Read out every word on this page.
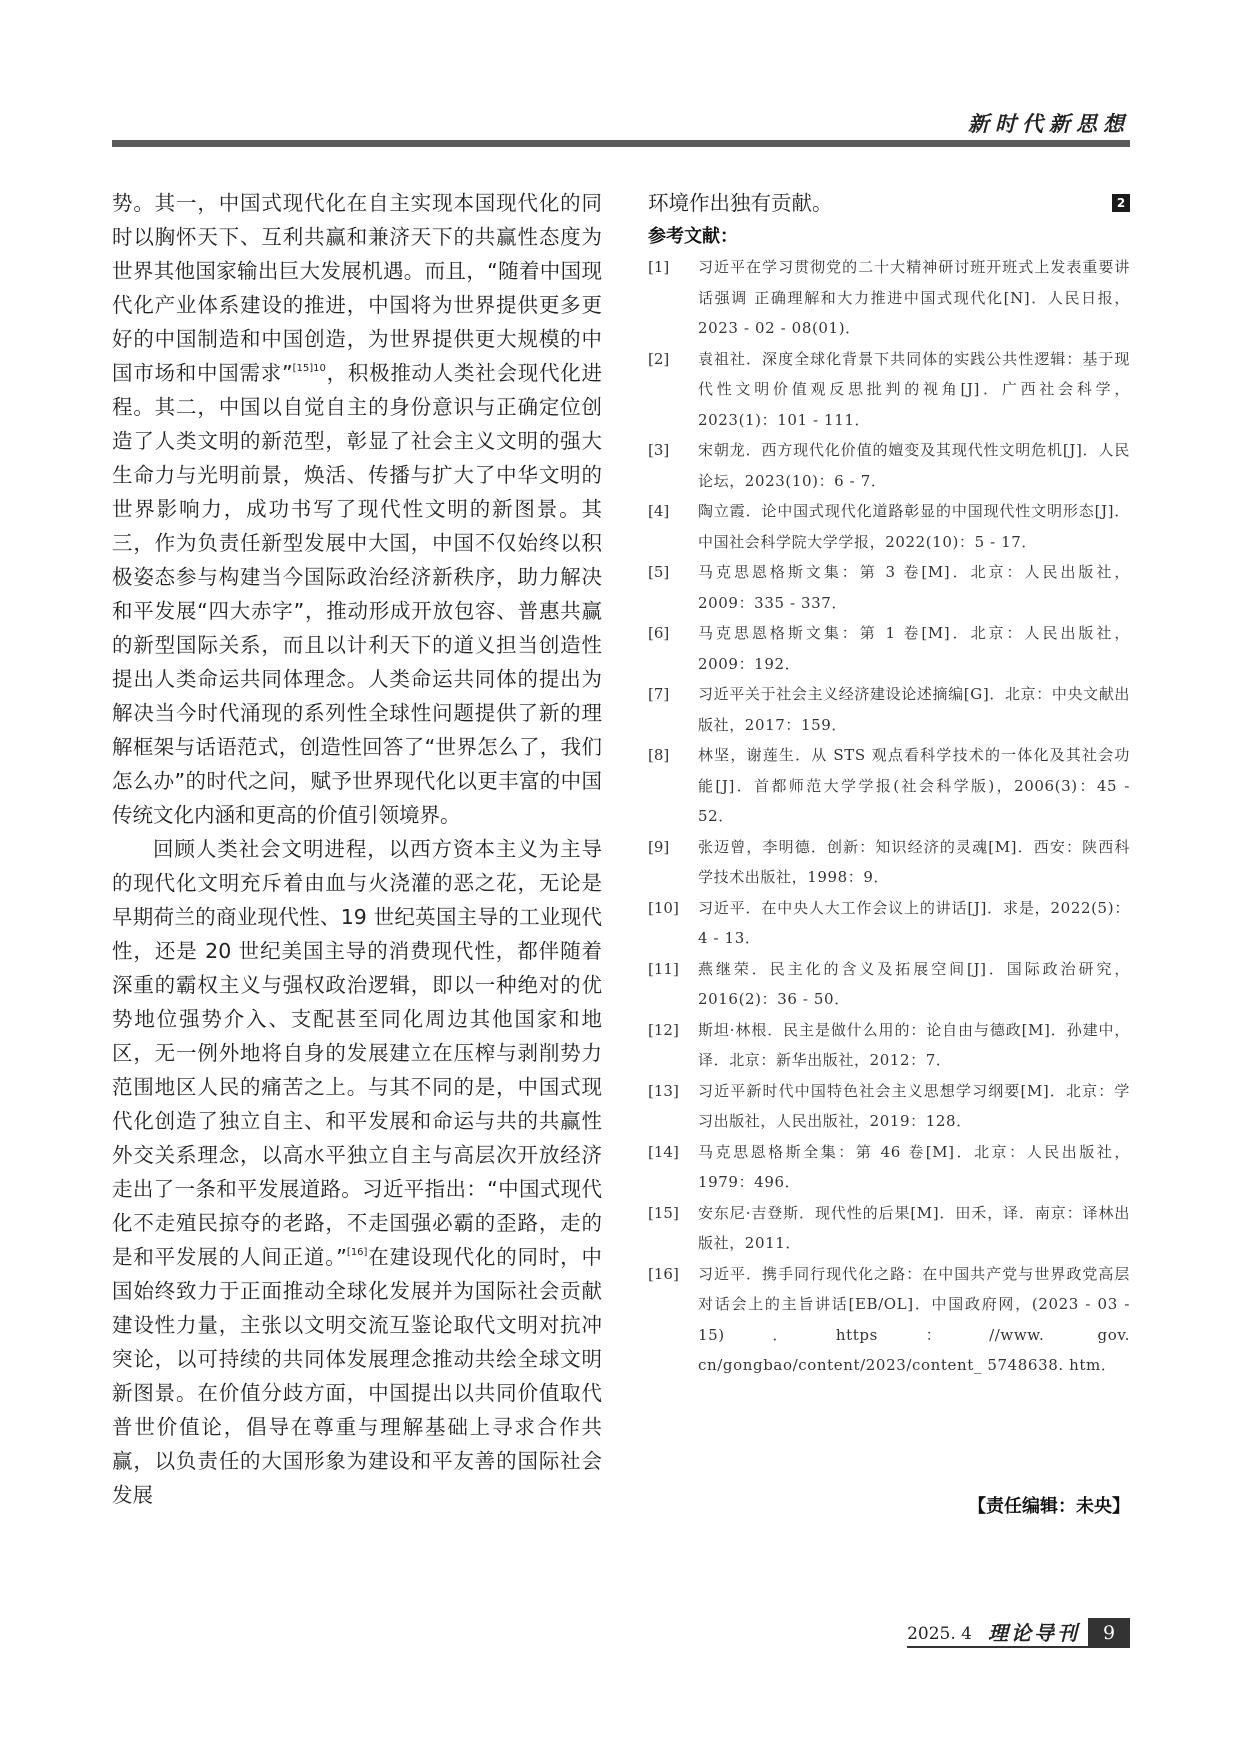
新时代新思想

势。其一，中国式现代化在自主实现本国现代化的同时以胸怀天下、互利共赢和兼济天下的共赢性态度为世界其他国家输出巨大发展机遇。而且，“随着中国现代化产业体系建设的推进，中国将为世界提供更多更好的中国制造和中国创造，为世界提供更大规模的中国市场和中国需求”$^{[15]10}$，积极推动人类社会现代化进程。其二，中国以自觉自主的身份意识与正确定位创造了人类文明的新范型，彰显了社会主义文明的强大生命力与光明前景，焕活、传播与扩大了中华文明的世界影响力，成功书写了现代性文明的新图景。其三，作为负责任新型发展中大国，中国不仅始终以积极姿态参与构建当今国际政治经济新秩序，助力解决和平发展“四大赤字”，推动形成开放包容、普惠共赢的新型国际关系，而且以计利天下的道义担当创造性提出人类命运共同体理念。人类命运共同体的提出为解决当今时代涌现的系列性全球性问题提供了新的理解框架与话语范式，创造性回答了“世界怎么了，我们怎么办”的时代之问，赋予世界现代化以更丰富的中国传统文化内涵和更高的价值引领境界。

回顾人类社会文明进程，以西方资本主义为主导的现代化文明充斥着由血与火浇灌的恶之花，无论是早期荷兰的商业现代性、19 世纪英国主导的工业现代性，还是 20 世纪美国主导的消费现代性，都伴随着深重的霸权主义与强权政治逻辑，即以一种绝对的优势地位强势介入、支配甚至同化周边其他国家和地区，无一例外地将自身的发展建立在压榨与剥削势力范围地区人民的痛苦之上。与其不同的是，中国式现代化创造了独立自主、和平发展和命运与共的共赢性外交关系理念，以高水平独立自主与高层次开放经济走出了一条和平发展道路。习近平指出：“中国式现代化不走殖民掠夺的老路，不走国强必霸的歪路，走的是和平发展的人间正道。”[16]在建设现代化的同时，中国始终致力于正面推动全球化发展并为国际社会贡献建设性力量，主张以文明交流互鉴论取代文明对抗冲突论，以可持续的共同体发展理念推动共绘全球文明新图景。在价值分歧方面，中国提出以共同价值取代普世价值论，倡导在尊重与理解基础上寻求合作共赢，以负责任的大国形象为建设和平友善的国际社会发展

环境作出独有贡献。	2
参考文献：
[1]	习近平在学习贯彻党的二十大精神研讨班开班式上发表重要讲话强调 正确理解和大力推进中国式现代化[N]．人民日报，2023 - 02 - 08(01)．
[2]	袁祖社．深度全球化背景下共同体的实践公共性逻辑：基于现代性文明价值观反思批判的视角[J]．广西社会科学，2023(1)：101 - 111．
[3]	宋朝龙．西方现代化价值的嬗变及其现代性文明危机[J]．人民论坛，2023(10)：6 - 7．
[4]	陶立霞．论中国式现代化道路彰显的中国现代性文明形态[J]．中国社会科学院大学学报，2022(10)：5 - 17．
[5]	马克思恩格斯文集：第 3 卷[M]．北京：人民出版社，2009：335 - 337．
[6]	马克思恩格斯文集：第 1 卷[M]．北京：人民出版社，2009：192．
[7]	习近平关于社会主义经济建设论述摘编[G]．北京：中央文献出版社，2017：159．
[8]	林坚，谢莲生．从 STS 观点看科学技术的一体化及其社会功能[J]．首都师范大学学报(社会科学版)，2006(3)：45 - 52．
[9]	张迈曾，李明德．创新：知识经济的灵魂[M]．西安：陕西科学技术出版社，1998：9．
[10]	习近平．在中央人大工作会议上的讲话[J]．求是，2022(5)：4 - 13．
[11]	燕继荣．民主化的含义及拓展空间[J]．国际政治研究，2016(2)：36 - 50．
[12]	斯坦·林根．民主是做什么用的：论自由与德政[M]．孙建中，译．北京：新华出版社，2012：7．
[13]	习近平新时代中国特色社会主义思想学习纲要[M]．北京：学习出版社，人民出版社，2019：128．
[14]	马克思恩格斯全集：第 46 卷[M]．北京：人民出版社，1979：496．
[15]	安东尼·吉登斯．现代性的后果[M]．田禾，译．南京：译林出版社，2011．
[16]	习近平．携手同行现代化之路：在中国共产党与世界政党高层对话会上的主旨讲话[EB/OL]．中国政府网，(2023 - 03 - 15)．https：//www. gov. cn/gongbao/content/2023/content_ 5748638. htm．
【责任编辑：未央】
2025. 4 理论导刊	9
